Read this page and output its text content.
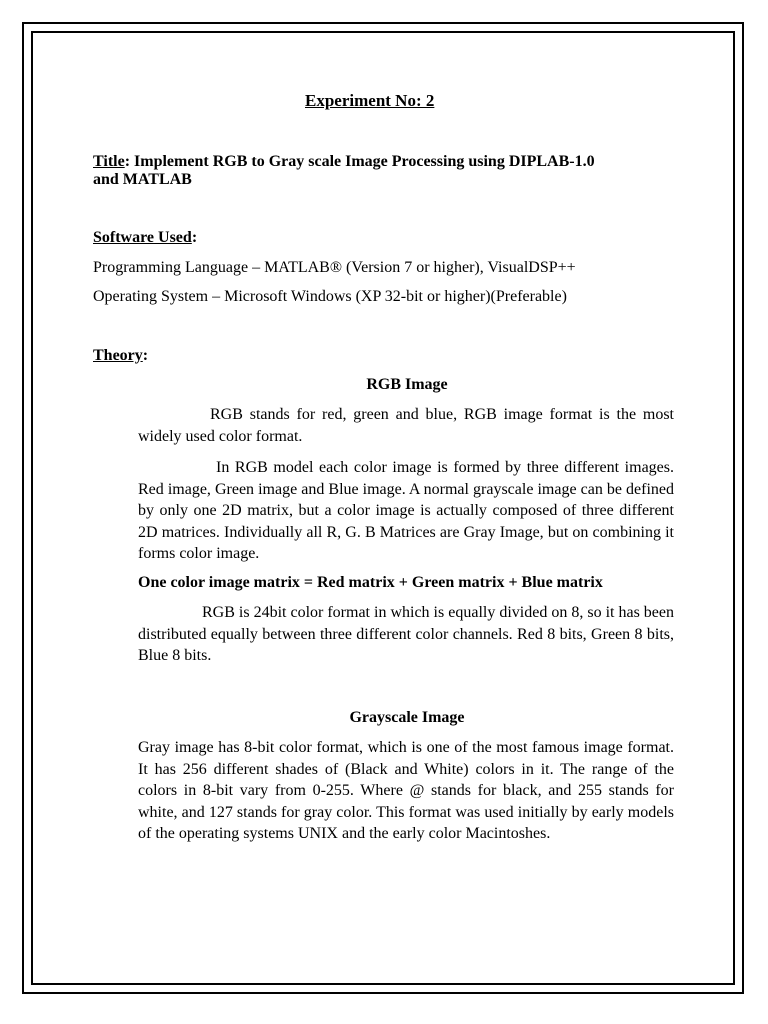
Experiment No: 2
Title: Implement RGB to Gray scale Image Processing using DIPLAB-1.0
and MATLAB
Software Used:
Programming Language – MATLAB® (Version 7 or higher), VisualDSP++
Operating System – Microsoft Windows (XP 32-bit or higher)(Preferable)
Theory:
RGB Image
RGB stands for red, green and blue, RGB image format is the most widely used color format.
In RGB model each color image is formed by three different images. Red image, Green image and Blue image. A normal grayscale image can be defined by only one 2D matrix, but a color image is actually composed of three different 2D matrices. Individually all R, G. B Matrices are Gray Image, but on combining it forms color image.
One color image matrix = Red matrix + Green matrix + Blue matrix
RGB is 24bit color format in which is equally divided on 8, so it has been distributed equally between three different color channels. Red 8 bits, Green 8 bits, Blue 8 bits.
Grayscale Image
Gray image has 8-bit color format, which is one of the most famous image format. It has 256 different shades of (Black and White) colors in it. The range of the colors in 8-bit vary from 0-255. Where @ stands for black, and 255 stands for white, and 127 stands for gray color. This format was used initially by early models of the operating systems UNIX and the early color Macintoshes.
